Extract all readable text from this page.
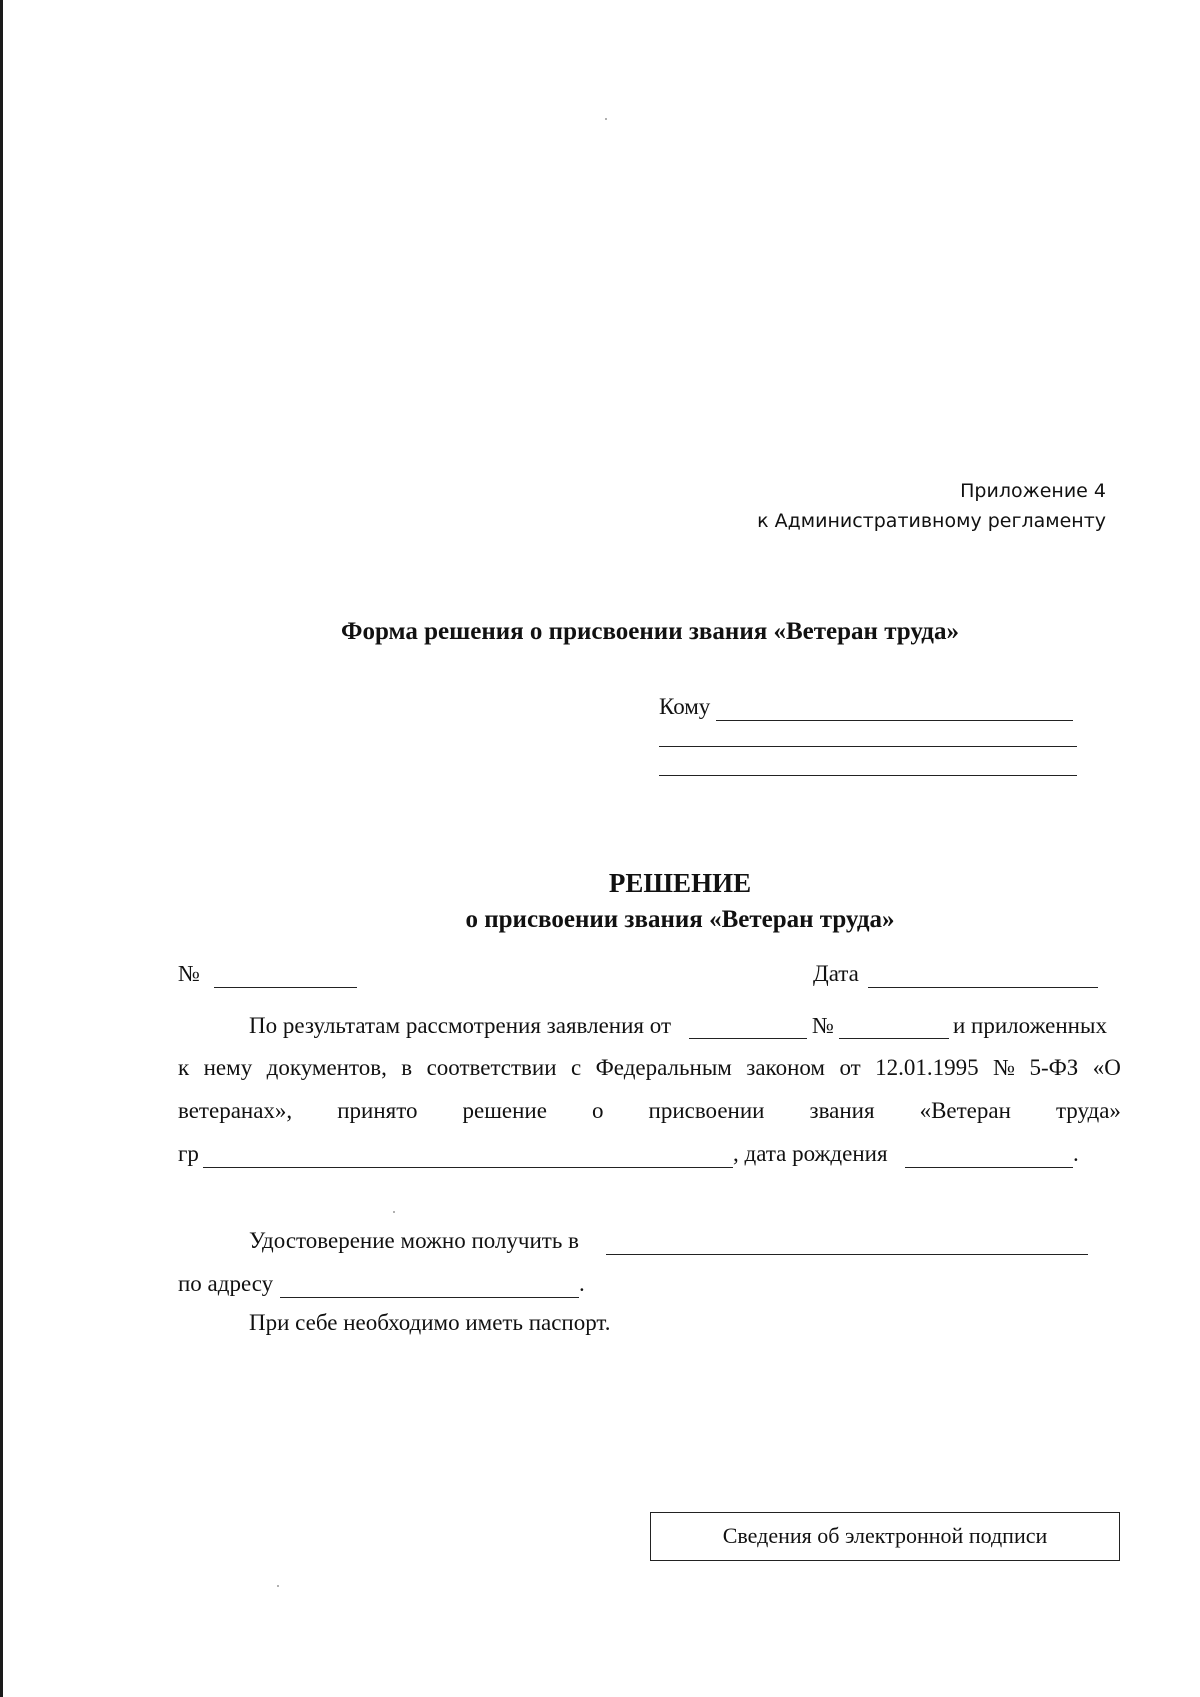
Приложение 4
к Административному регламенту
Форма решения о присвоении звания «Ветеран труда»
Кому
РЕШЕНИЕ
о присвоении звания «Ветеран труда»
№	Дата
По результатам рассмотрения заявления от	№	и приложенных
к нему документов, в соответствии с Федеральным законом от 12.01.1995 № 5-ФЗ «О
ветеранах», принято решение о присвоении звания «Ветеран труда»
гр	, дата рождения	.
Удостоверение можно получить в
по адресу	.
При себе необходимо иметь паспорт.
Сведения об электронной подписи
